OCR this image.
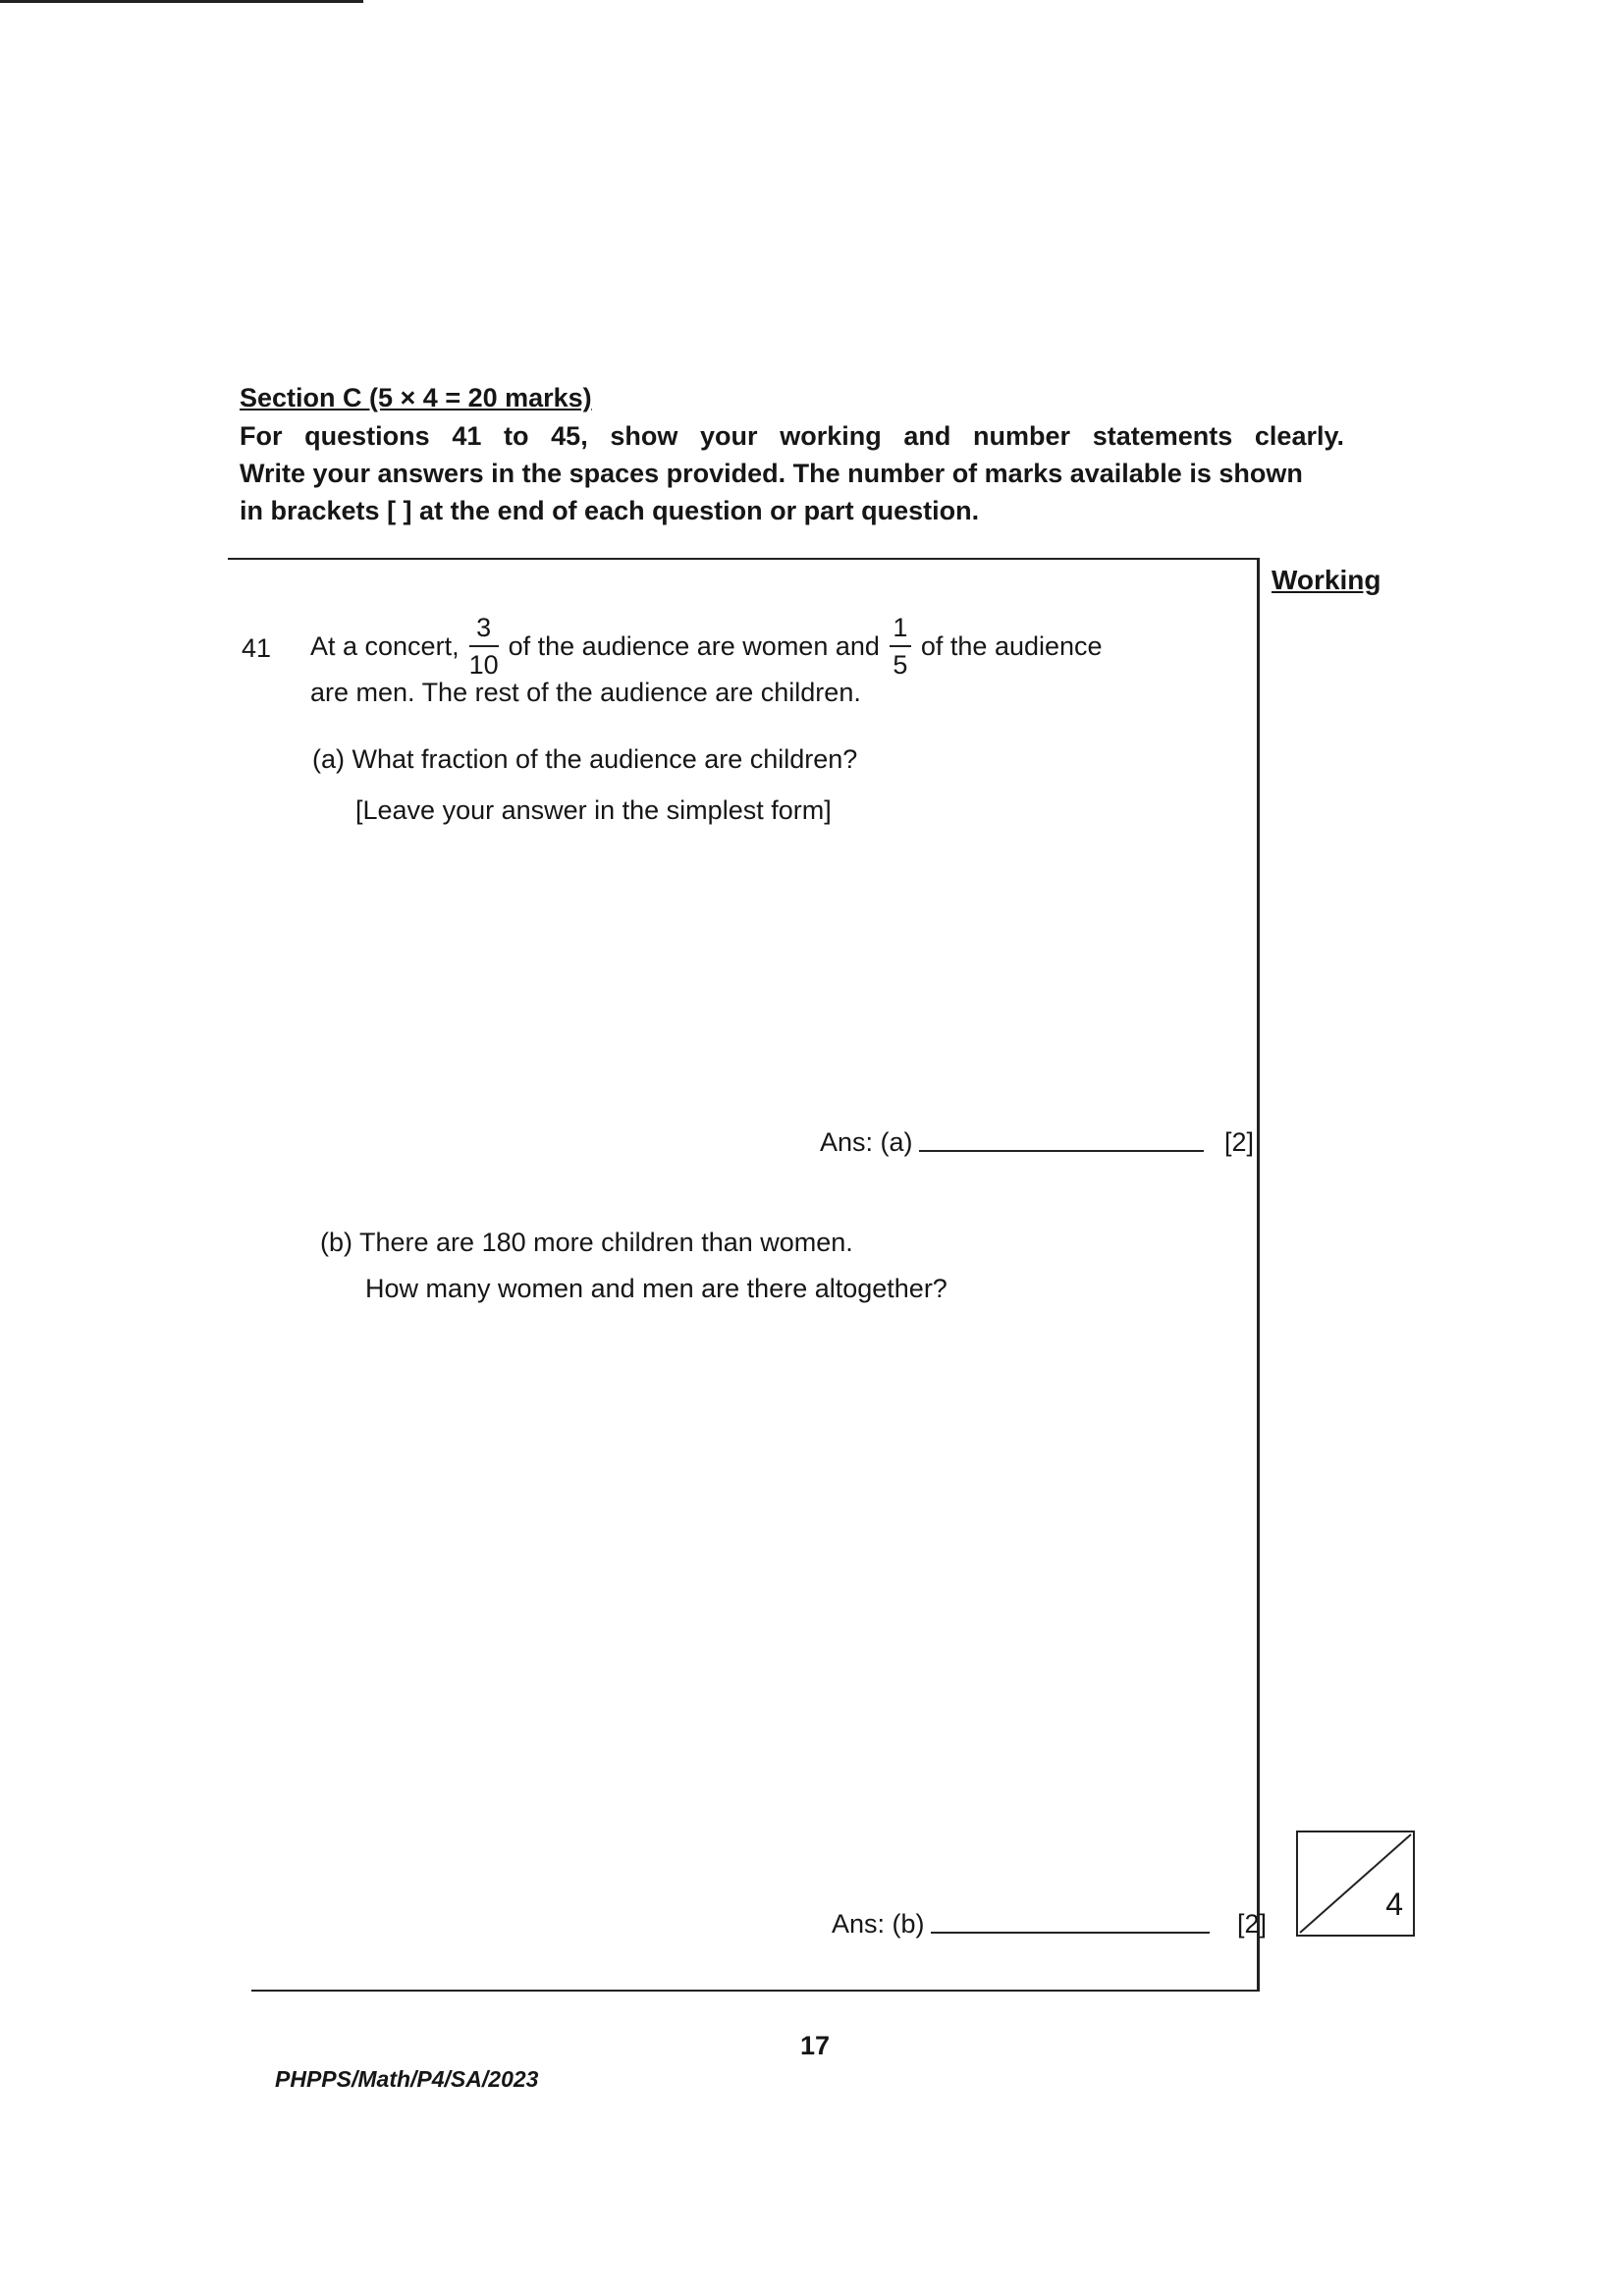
Section C (5 × 4 = 20 marks)
For questions 41 to 45, show your working and number statements clearly.
Write your answers in the spaces provided. The number of marks available is shown
in brackets [ ] at the end of each question or part question.
Working
41 At a concert, $\frac{3}{10}$ of the audience are women and $\frac{1}{5}$ of the audience
are men. The rest of the audience are children.
(a) What fraction of the audience are children?
[Leave your answer in the simplest form]
Ans: (a)	[2]
(b) There are 180 more children than women.
How many women and men are there altogether?
Ans: (b)	[2]
4
17
PHPPS/Math/P4/SA/2023
